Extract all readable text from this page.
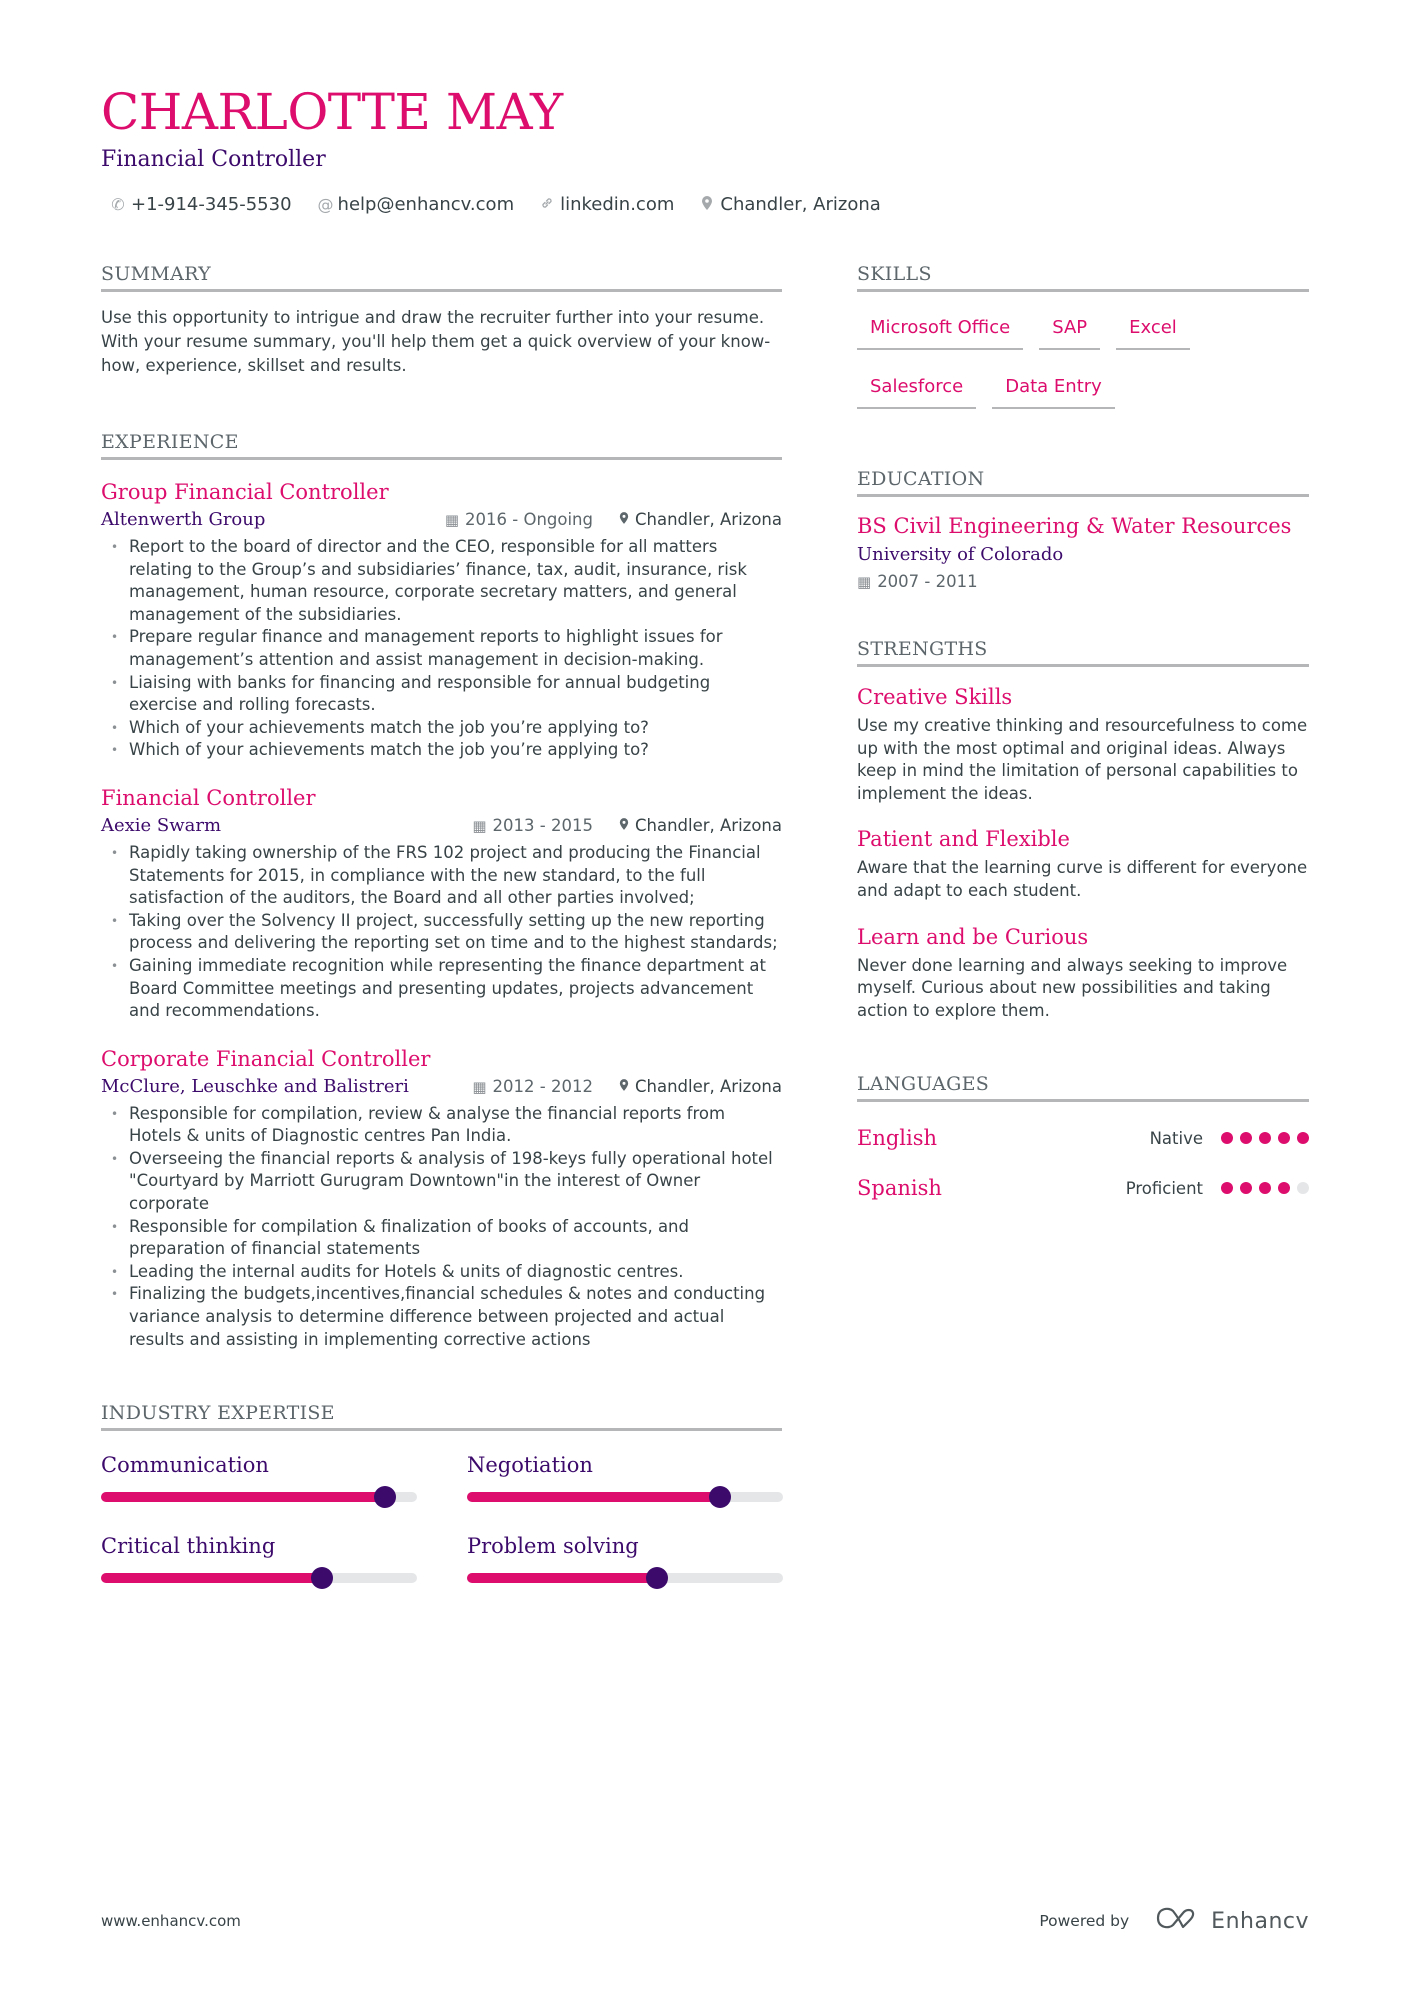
CHARLOTTE MAY
Financial Controller
✆ +1-914-345-5530 @ help@enhancv.com	linkedin.com	Chandler, Arizona
SUMMARY
Use this opportunity to intrigue and draw the recruiter further into your resume. With your resume summary, you'll help them get a quick overview of your know-how, experience, skillset and results.
EXPERIENCE
Group Financial Controller
Altenwerth Group	▦ 2016 - Ongoing	Chandler, Arizona
• Report to the board of director and the CEO, responsible for all matters relating to the Group’s and subsidiaries’ finance, tax, audit, insurance, risk management, human resource, corporate secretary matters, and general management of the subsidiaries.
• Prepare regular finance and management reports to highlight issues for management’s attention and assist management in decision-making.
• Liaising with banks for financing and responsible for annual budgeting exercise and rolling forecasts.
• Which of your achievements match the job you’re applying to?
• Which of your achievements match the job you’re applying to?
Financial Controller
Aexie Swarm	▦ 2013 - 2015	Chandler, Arizona
• Rapidly taking ownership of the FRS 102 project and producing the Financial Statements for 2015, in compliance with the new standard, to the full satisfaction of the auditors, the Board and all other parties involved;
• Taking over the Solvency II project, successfully setting up the new reporting process and delivering the reporting set on time and to the highest standards;
• Gaining immediate recognition while representing the finance department at Board Committee meetings and presenting updates, projects advancement and recommendations.
Corporate Financial Controller
McClure, Leuschke and Balistreri	▦ 2012 - 2012	Chandler, Arizona
• Responsible for compilation, review & analyse the financial reports from Hotels & units of Diagnostic centres Pan India.
• Overseeing the financial reports & analysis of 198-keys fully operational hotel "Courtyard by Marriott Gurugram Downtown"in the interest of Owner corporate
• Responsible for compilation & finalization of books of accounts, and preparation of financial statements
• Leading the internal audits for Hotels & units of diagnostic centres.
• Finalizing the budgets,incentives,financial schedules & notes and conducting variance analysis to determine difference between projected and actual results and assisting in implementing corrective actions
INDUSTRY EXPERTISE
Communication	Negotiation
Critical thinking	Problem solving
SKILLS
Microsoft Office	SAP	Excel
Salesforce	Data Entry
EDUCATION
BS Civil Engineering & Water Resources
University of Colorado
▦ 2007 - 2011
STRENGTHS
Creative Skills
Use my creative thinking and resourcefulness to come up with the most optimal and original ideas. Always keep in mind the limitation of personal capabilities to implement the ideas.
Patient and Flexible
Aware that the learning curve is different for everyone and adapt to each student.
Learn and be Curious
Never done learning and always seeking to improve myself. Curious about new possibilities and taking action to explore them.
LANGUAGES
English	Native
Spanish	Proficient
www.enhancv.com	Powered by	Enhancv
